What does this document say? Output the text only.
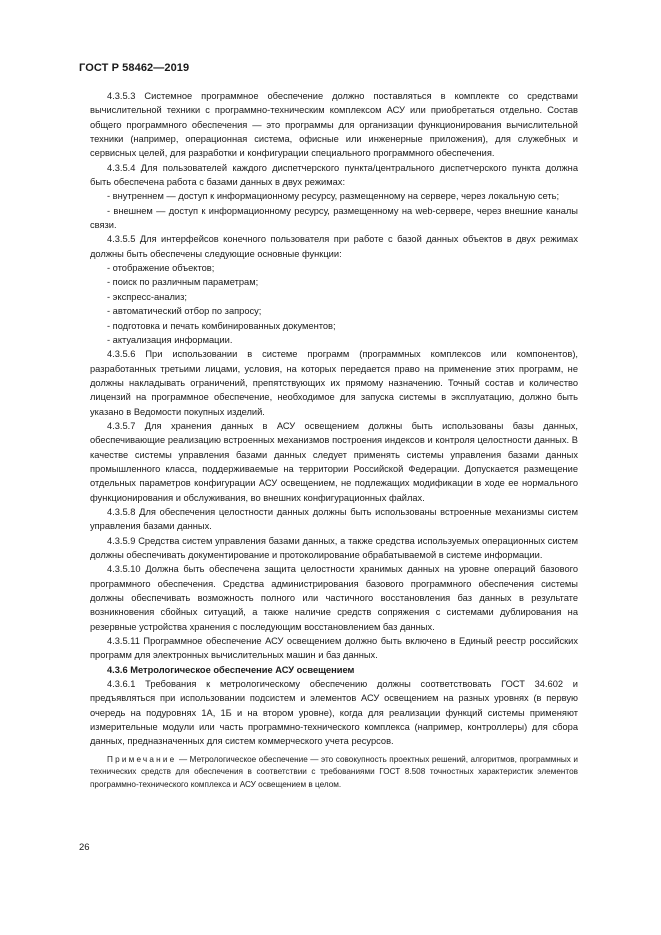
ГОСТ Р 58462—2019

4.3.5.3 Системное программное обеспечение должно поставляться в комплекте со средствами вычислительной техники с программно-техническим комплексом АСУ или приобретаться отдельно. Состав общего программного обеспечения — это программы для организации функционирования вычислительной техники (например, операционная система, офисные или инженерные приложения), для служебных и сервисных целей, для разработки и конфигурации специального программного обеспечения.

4.3.5.4 Для пользователей каждого диспетчерского пункта/центрального диспетчерского пункта должна быть обеспечена работа с базами данных в двух режимах:

- внутреннем — доступ к информационному ресурсу, размещенному на сервере, через локальную сеть;

- внешнем — доступ к информационному ресурсу, размещенному на web-сервере, через внешние каналы связи.

4.3.5.5 Для интерфейсов конечного пользователя при работе с базой данных объектов в двух режимах должны быть обеспечены следующие основные функции:

- отображение объектов;

- поиск по различным параметрам;

- экспресс-анализ;

- автоматический отбор по запросу;

- подготовка и печать комбинированных документов;

- актуализация информации.

4.3.5.6 При использовании в системе программ (программных комплексов или компонентов), разработанных третьими лицами, условия, на которых передается право на применение этих программ, не должны накладывать ограничений, препятствующих их прямому назначению. Точный состав и количество лицензий на программное обеспечение, необходимое для запуска системы в эксплуатацию, должно быть указано в Ведомости покупных изделий.

4.3.5.7 Для хранения данных в АСУ освещением должны быть использованы базы данных, обеспечивающие реализацию встроенных механизмов построения индексов и контроля целостности данных. В качестве системы управления базами данных следует применять системы управления базами данных промышленного класса, поддерживаемые на территории Российской Федерации. Допускается размещение отдельных параметров конфигурации АСУ освещением, не подлежащих модификации в ходе ее нормального функционирования и обслуживания, во внешних конфигурационных файлах.

4.3.5.8 Для обеспечения целостности данных должны быть использованы встроенные механизмы систем управления базами данных.

4.3.5.9 Средства систем управления базами данных, а также средства используемых операционных систем должны обеспечивать документирование и протоколирование обрабатываемой в системе информации.

4.3.5.10 Должна быть обеспечена защита целостности хранимых данных на уровне операций базового программного обеспечения. Средства администрирования базового программного обеспечения системы должны обеспечивать возможность полного или частичного восстановления баз данных в результате возникновения сбойных ситуаций, а также наличие средств сопряжения с системами дублирования на резервные устройства хранения с последующим восстановлением баз данных.

4.3.5.11 Программное обеспечение АСУ освещением должно быть включено в Единый реестр российских программ для электронных вычислительных машин и баз данных.

4.3.6 Метрологическое обеспечение АСУ освещением

4.3.6.1 Требования к метрологическому обеспечению должны соответствовать ГОСТ 34.602 и предъявляться при использовании подсистем и элементов АСУ освещением на разных уровнях (в первую очередь на подуровнях 1А, 1Б и на втором уровне), когда для реализации функций системы применяют измерительные модули или часть программно-технического комплекса (например, контроллеры) для сбора данных, предназначенных для систем коммерческого учета ресурсов.

Примечание — Метрологическое обеспечение — это совокупность проектных решений, алгоритмов, программных и технических средств для обеспечения в соответствии с требованиями ГОСТ 8.508 точностных характеристик элементов программно-технического комплекса и АСУ освещением в целом.
26
